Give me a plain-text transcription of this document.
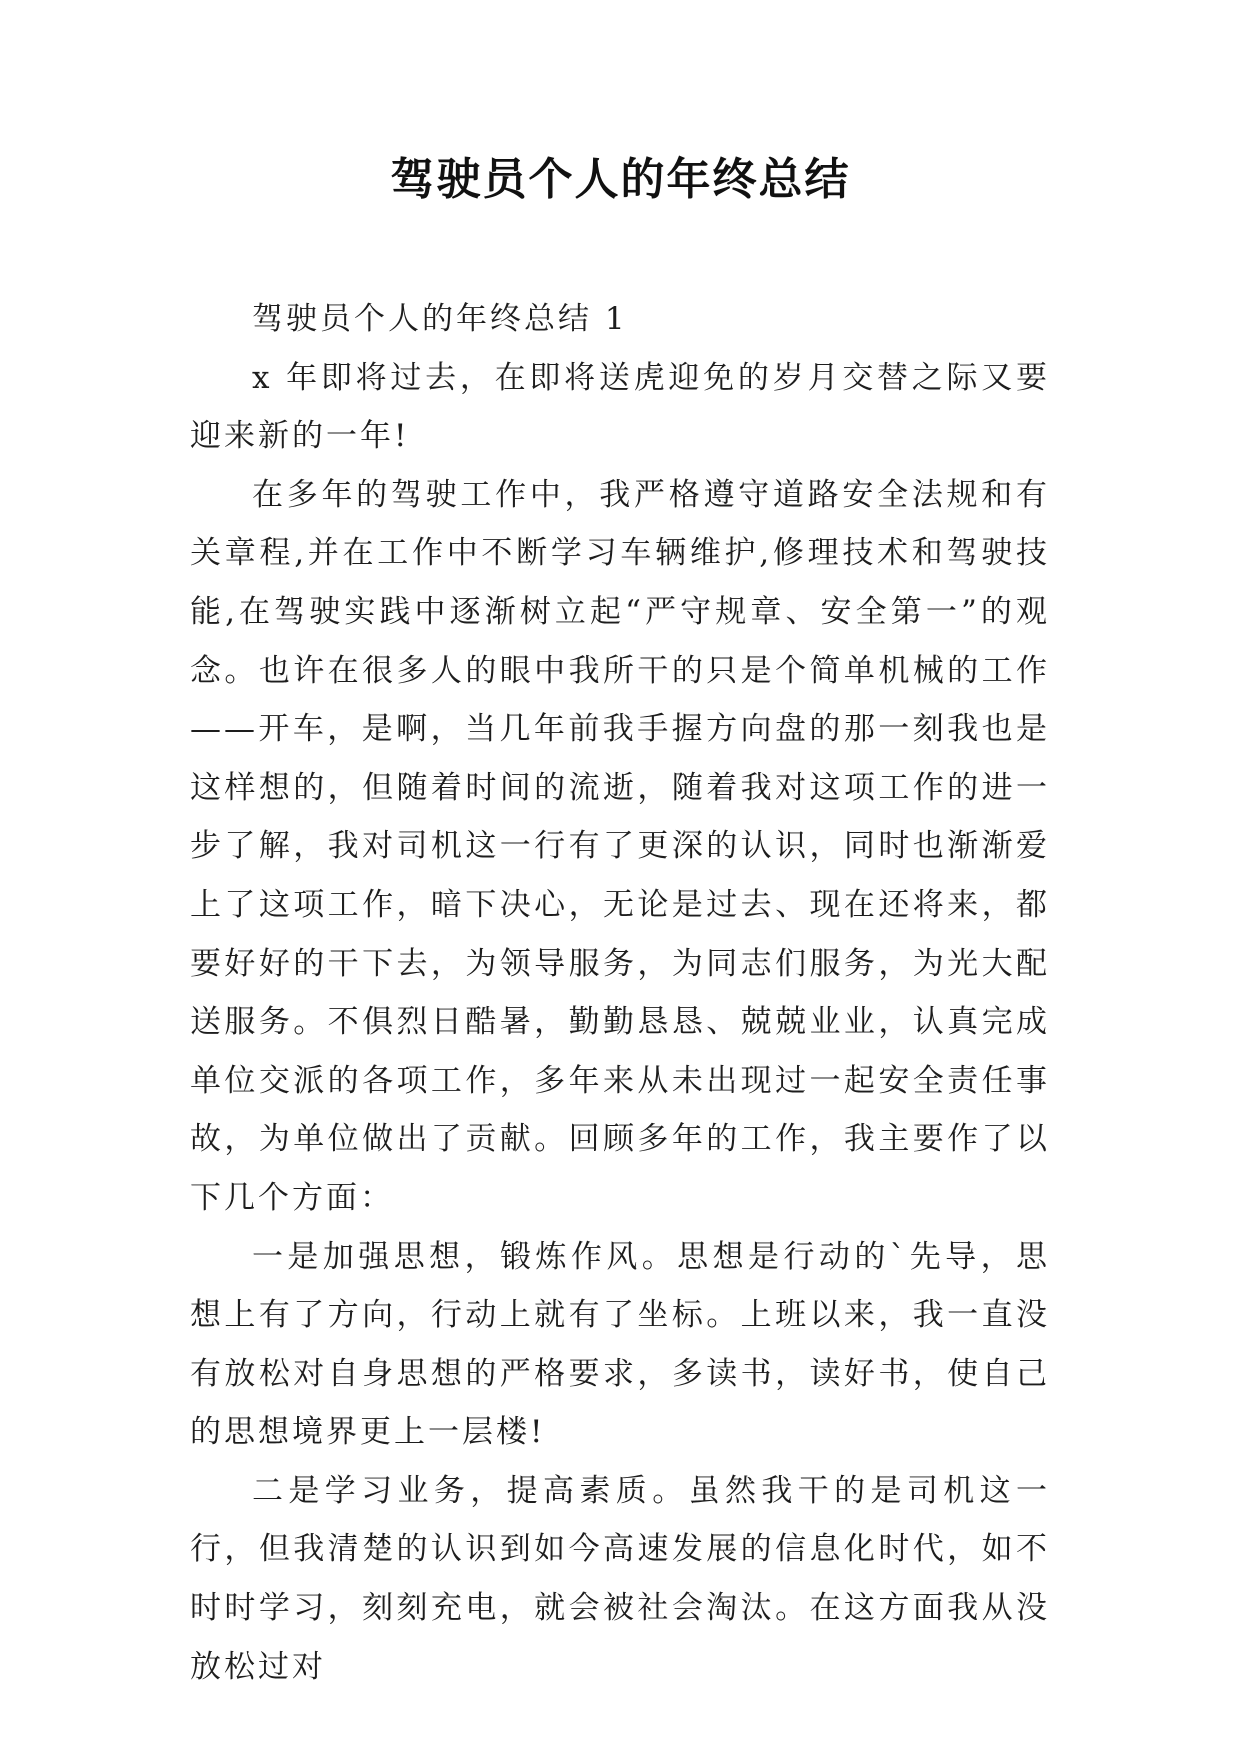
驾驶员个人的年终总结

驾驶员个人的年终总结 1

x 年即将过去，在即将送虎迎免的岁月交替之际又要迎来新的一年!

在多年的驾驶工作中，我严格遵守道路安全法规和有关章程,并在工作中不断学习车辆维护,修理技术和驾驶技能,在驾驶实践中逐渐树立起“严守规章、安全第一”的观念。也许在很多人的眼中我所干的只是个简单机械的工作——开车，是啊，当几年前我手握方向盘的那一刻我也是这样想的，但随着时间的流逝，随着我对这项工作的进一步了解，我对司机这一行有了更深的认识，同时也渐渐爱上了这项工作，暗下决心，无论是过去、现在还将来，都要好好的干下去，为领导服务，为同志们服务，为光大配送服务。不俱烈日酷暑，勤勤恳恳、兢兢业业，认真完成单位交派的各项工作，多年来从未出现过一起安全责任事故，为单位做出了贡献。回顾多年的工作，我主要作了以下几个方面：

一是加强思想，锻炼作风。思想是行动的`先导，思想上有了方向，行动上就有了坐标。上班以来，我一直没有放松对自身思想的严格要求，多读书，读好书，使自己的思想境界更上一层楼!

二是学习业务，提高素质。虽然我干的是司机这一行，但我清楚的认识到如今高速发展的信息化时代，如不时时学习，刻刻充电，就会被社会淘汰。在这方面我从没放松过对
